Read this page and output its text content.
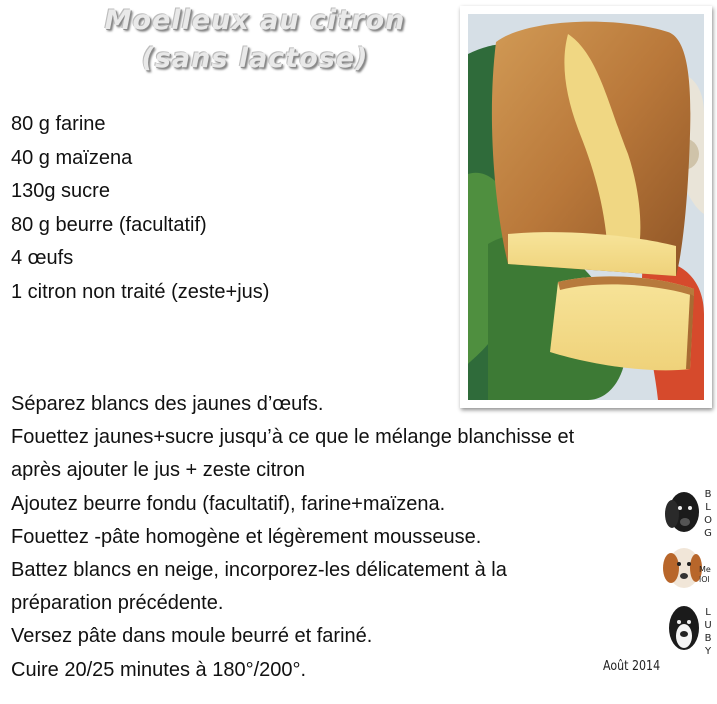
Moelleux au citron
(sans lactose)
80 g farine
40 g maïzena
130g sucre
80 g beurre (facultatif)
4 œufs
1 citron non traité (zeste+jus)
Séparez blancs des jaunes d’œufs.
Fouettez jaunes+sucre jusqu’à ce que le mélange blanchisse et
après ajouter le jus + zeste citron
Ajoutez beurre fondu (facultatif), farine+maïzena.
Fouettez -pâte homogène et légèrement mousseuse.
Battez blancs en neige, incorporez-les délicatement à la
préparation précédente.
Versez pâte dans moule beurré et fariné.
Cuire 20/25 minutes à 180°/200°.
B
L
O
G
Me
lOl
L
U
B
Y
Août 2014
